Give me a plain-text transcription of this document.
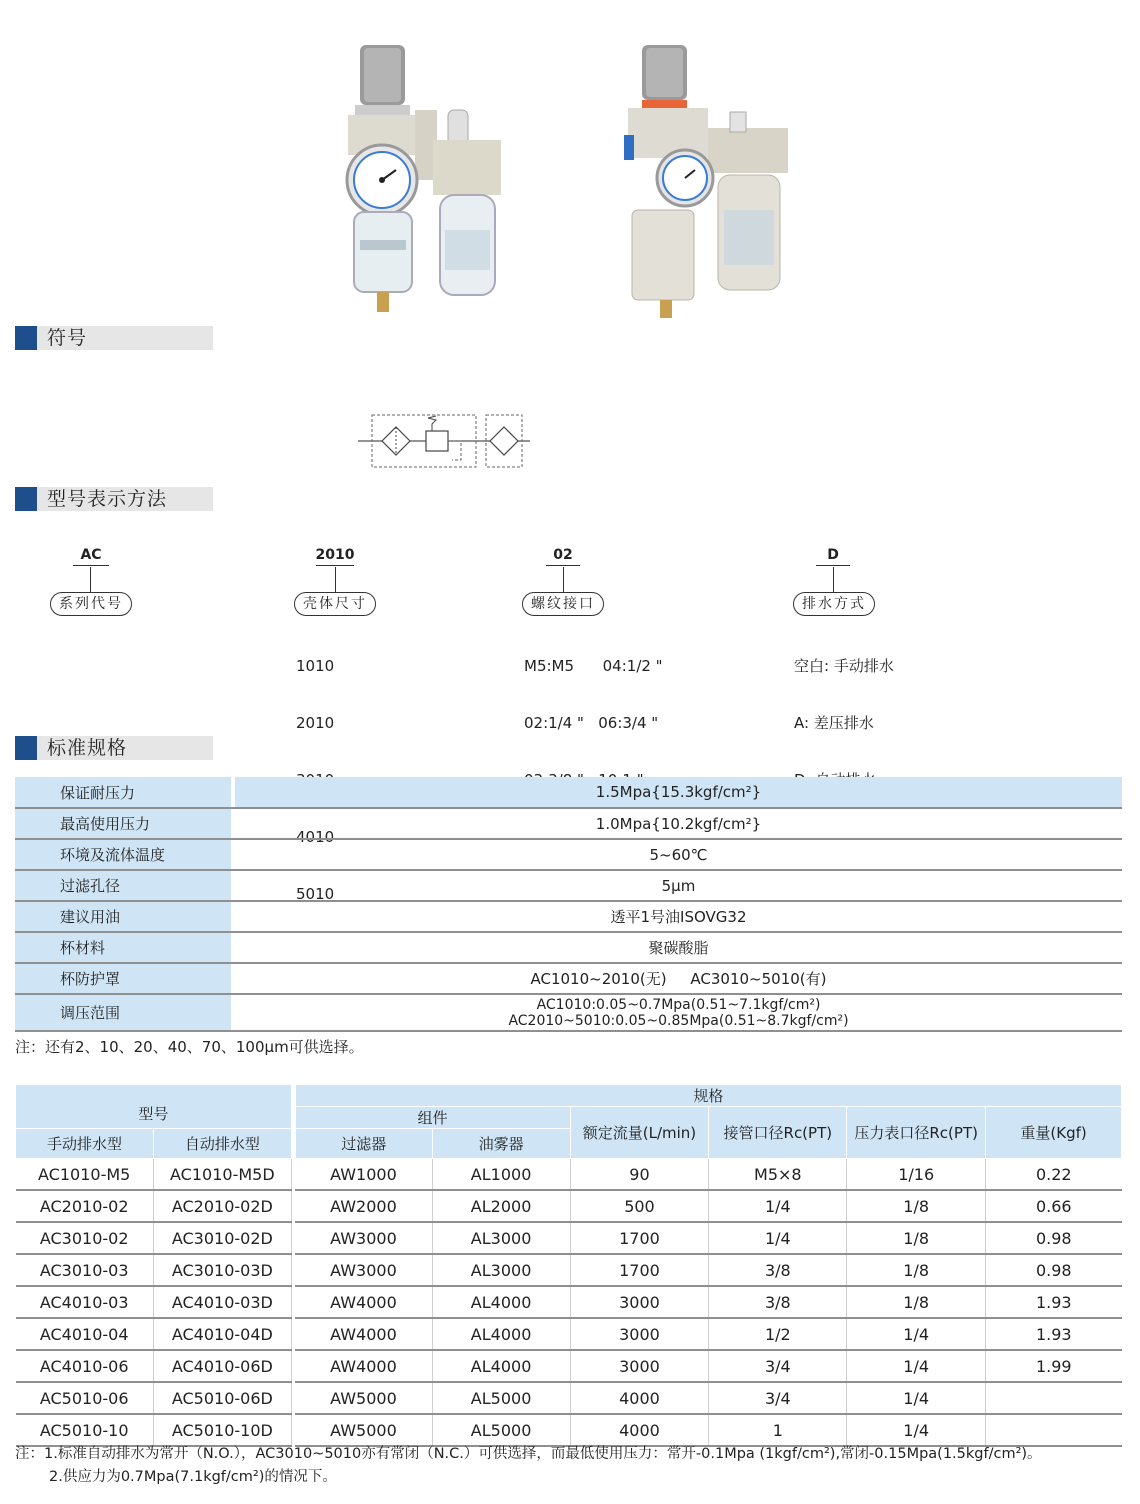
符号
型号表示方法
AC
系列代号
2010
壳体尺寸

1010

2010

4010

5010

02
螺纹接口

M5:M5      04:1/2 "

02:1/4 "   06:3/4 "

D
排水方式

空白: 手动排水

A: 差压排水

标准规格
保证耐压力		1.5Mpa{15.3kgf/cm²}
最高使用压力		1.0Mpa{10.2kgf/cm²}
环境及流体温度		5~60℃
过滤孔径		5μm
建议用油		透平1号油ISOVG32
杯材料		聚碳酸脂
杯防护罩		AC1010~2010(无)     AC3010~5010(有)
调压范围		AC1010:0.05~0.7Mpa(0.51~7.1kgf/cm²)
AC2010~5010:0.05~0.85Mpa(0.51~8.7kgf/cm²)
注：还有2、10、20、40、70、100μm可供选择。
型号			规格					
			组件		额定流量(L/min)	接管口径Rc(PT)	压力表口径Rc(PT)	重量(Kgf)
手动排水型	自动排水型		过滤器	油雾器				
AC1010-M5	AC1010-M5D		AW1000	AL1000	90	M5×8	1/16	0.22
AC2010-02	AC2010-02D		AW2000	AL2000	500	1/4	1/8	0.66
AC3010-02	AC3010-02D		AW3000	AL3000	1700	1/4	1/8	0.98
AC3010-03	AC3010-03D		AW3000	AL3000	1700	3/8	1/8	0.98
AC4010-03	AC4010-03D		AW4000	AL4000	3000	3/8	1/8	1.93
AC4010-04	AC4010-04D		AW4000	AL4000	3000	1/2	1/4	1.93
AC4010-06	AC4010-06D		AW4000	AL4000	3000	3/4	1/4	1.99
AC5010-06	AC5010-06D		AW5000	AL5000	4000	3/4	1/4	
AC5010-10	AC5010-10D		AW5000	AL5000	4000	1	1/4	
注：1.标准自动排水为常开（N.O.），AC3010~5010亦有常闭（N.C.）可供选择，而最低使用压力：常开-0.1Mpa (1kgf/cm²),常闭-0.15Mpa(1.5kgf/cm²)。
2.供应力为0.7Mpa(7.1kgf/cm²)的情况下。
